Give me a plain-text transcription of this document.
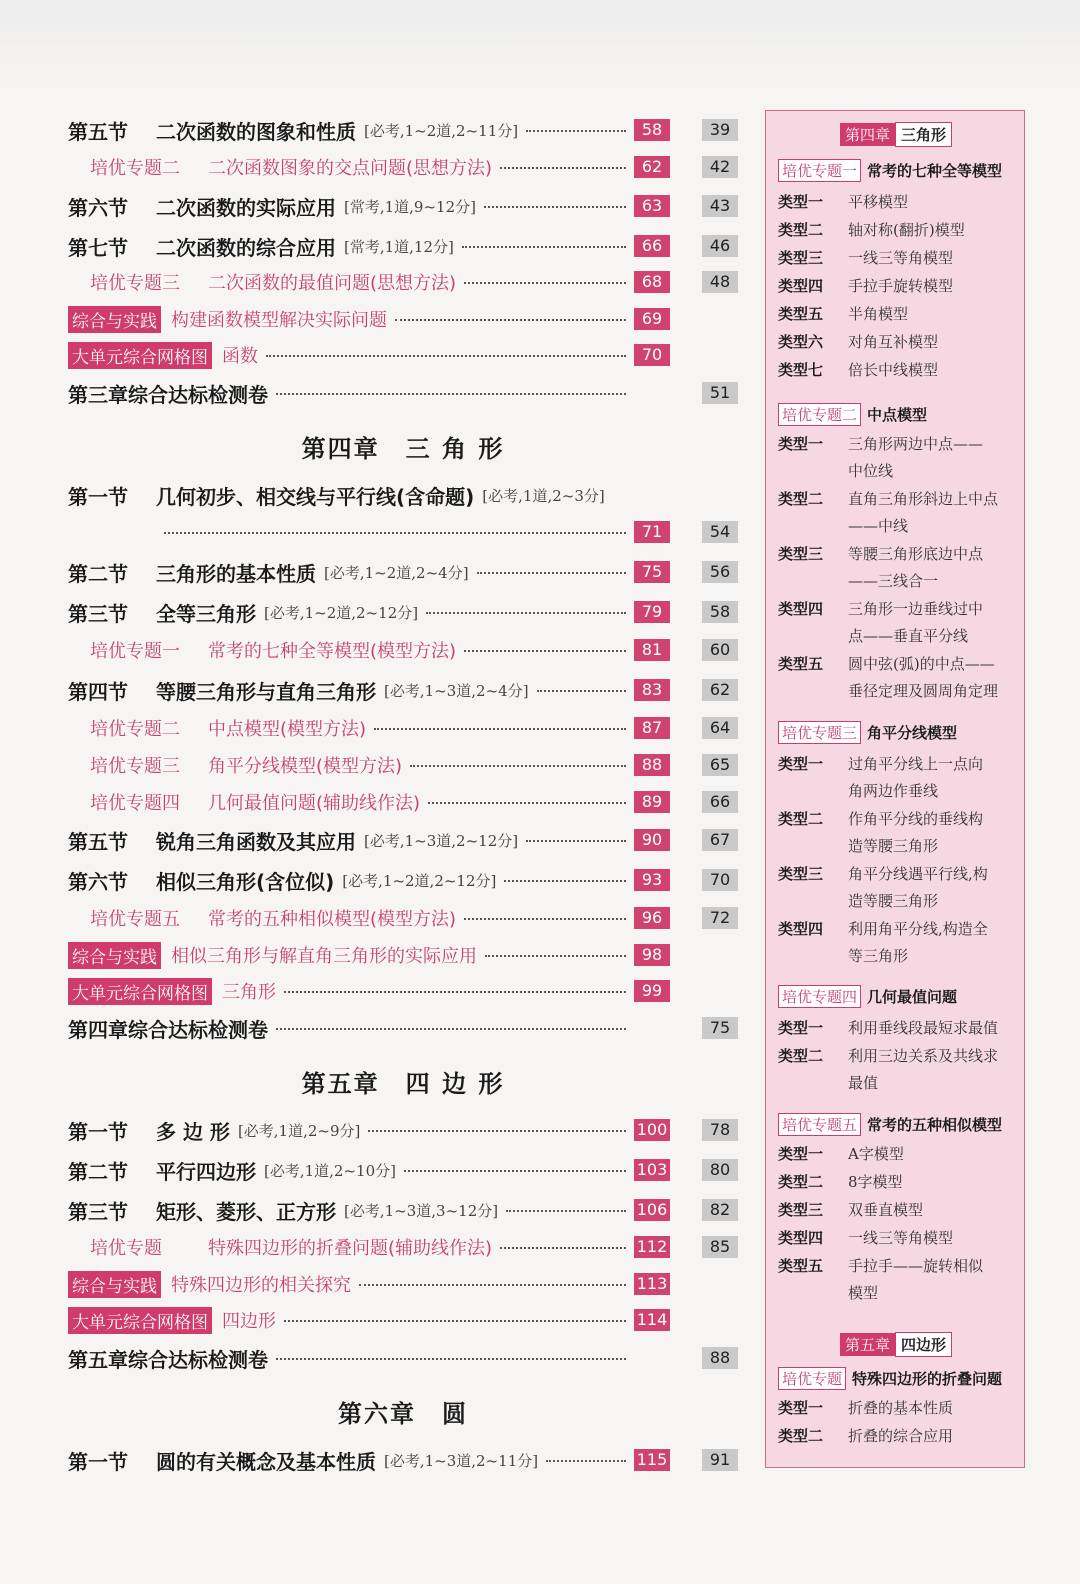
第五节	二次函数的图象和性质 [必考,1~2道,2~11分]	58	39
培优专题二	二次函数图象的交点问题(思想方法)	62	42
第六节	二次函数的实际应用 [常考,1道,9~12分]	63	43
第七节	二次函数的综合应用 [常考,1道,12分]	66	46
培优专题三	二次函数的最值问题(思想方法)	68	48
综合与实践 构建函数模型解决实际问题	69
大单元综合网格图 函数	70
第三章综合达标检测卷	51
第四章　三 角 形
第一节	几何初步、相交线与平行线(含命题) [必考,1道,2~3分]
71	54
第二节	三角形的基本性质 [必考,1~2道,2~4分]	75	56
第三节	全等三角形 [必考,1~2道,2~12分]	79	58
培优专题一	常考的七种全等模型(模型方法)	81	60
第四节	等腰三角形与直角三角形 [必考,1~3道,2~4分]	83	62
培优专题二	中点模型(模型方法)	87	64
培优专题三	角平分线模型(模型方法)	88	65
培优专题四	几何最值问题(辅助线作法)	89	66
第五节	锐角三角函数及其应用 [必考,1~3道,2~12分]	90	67
第六节	相似三角形(含位似) [必考,1~2道,2~12分]	93	70
培优专题五	常考的五种相似模型(模型方法)	96	72
综合与实践 相似三角形与解直角三角形的实际应用	98
大单元综合网格图 三角形	99
第四章综合达标检测卷	75
第五章　四 边 形
第一节	多 边 形 [必考,1道,2~9分]	100	78
第二节	平行四边形 [必考,1道,2~10分]	103	80
第三节	矩形、菱形、正方形 [必考,1~3道,3~12分]	106	82
培优专题	特殊四边形的折叠问题(辅助线作法)	112	85
综合与实践 特殊四边形的相关探究	113
大单元综合网格图 四边形	114
第五章综合达标检测卷	88
第六章　圆
第一节	圆的有关概念及基本性质 [必考,1~3道,2~11分]	115	91
第四章 三角形
培优专题一 常考的七种全等模型
类型一	平移模型
类型二	轴对称(翻折)模型
类型三	一线三等角模型
类型四	手拉手旋转模型
类型五	半角模型
类型六	对角互补模型
类型七	倍长中线模型
培优专题二 中点模型
类型一	三角形两边中点——
中位线
类型二	直角三角形斜边上中点
——中线
类型三	等腰三角形底边中点
——三线合一
类型四	三角形一边垂线过中
点——垂直平分线
类型五	圆中弦(弧)的中点——
垂径定理及圆周角定理
培优专题三 角平分线模型
类型一	过角平分线上一点向
角两边作垂线
类型二	作角平分线的垂线构
造等腰三角形
类型三	角平分线遇平行线,构
造等腰三角形
类型四	利用角平分线,构造全
等三角形
培优专题四 几何最值问题
类型一	利用垂线段最短求最值
类型二	利用三边关系及共线求
最值
培优专题五 常考的五种相似模型
类型一	A字模型
类型二	8字模型
类型三	双垂直模型
类型四	一线三等角模型
类型五	手拉手——旋转相似
模型
第五章 四边形
培优专题 特殊四边形的折叠问题
类型一	折叠的基本性质
类型二	折叠的综合应用
